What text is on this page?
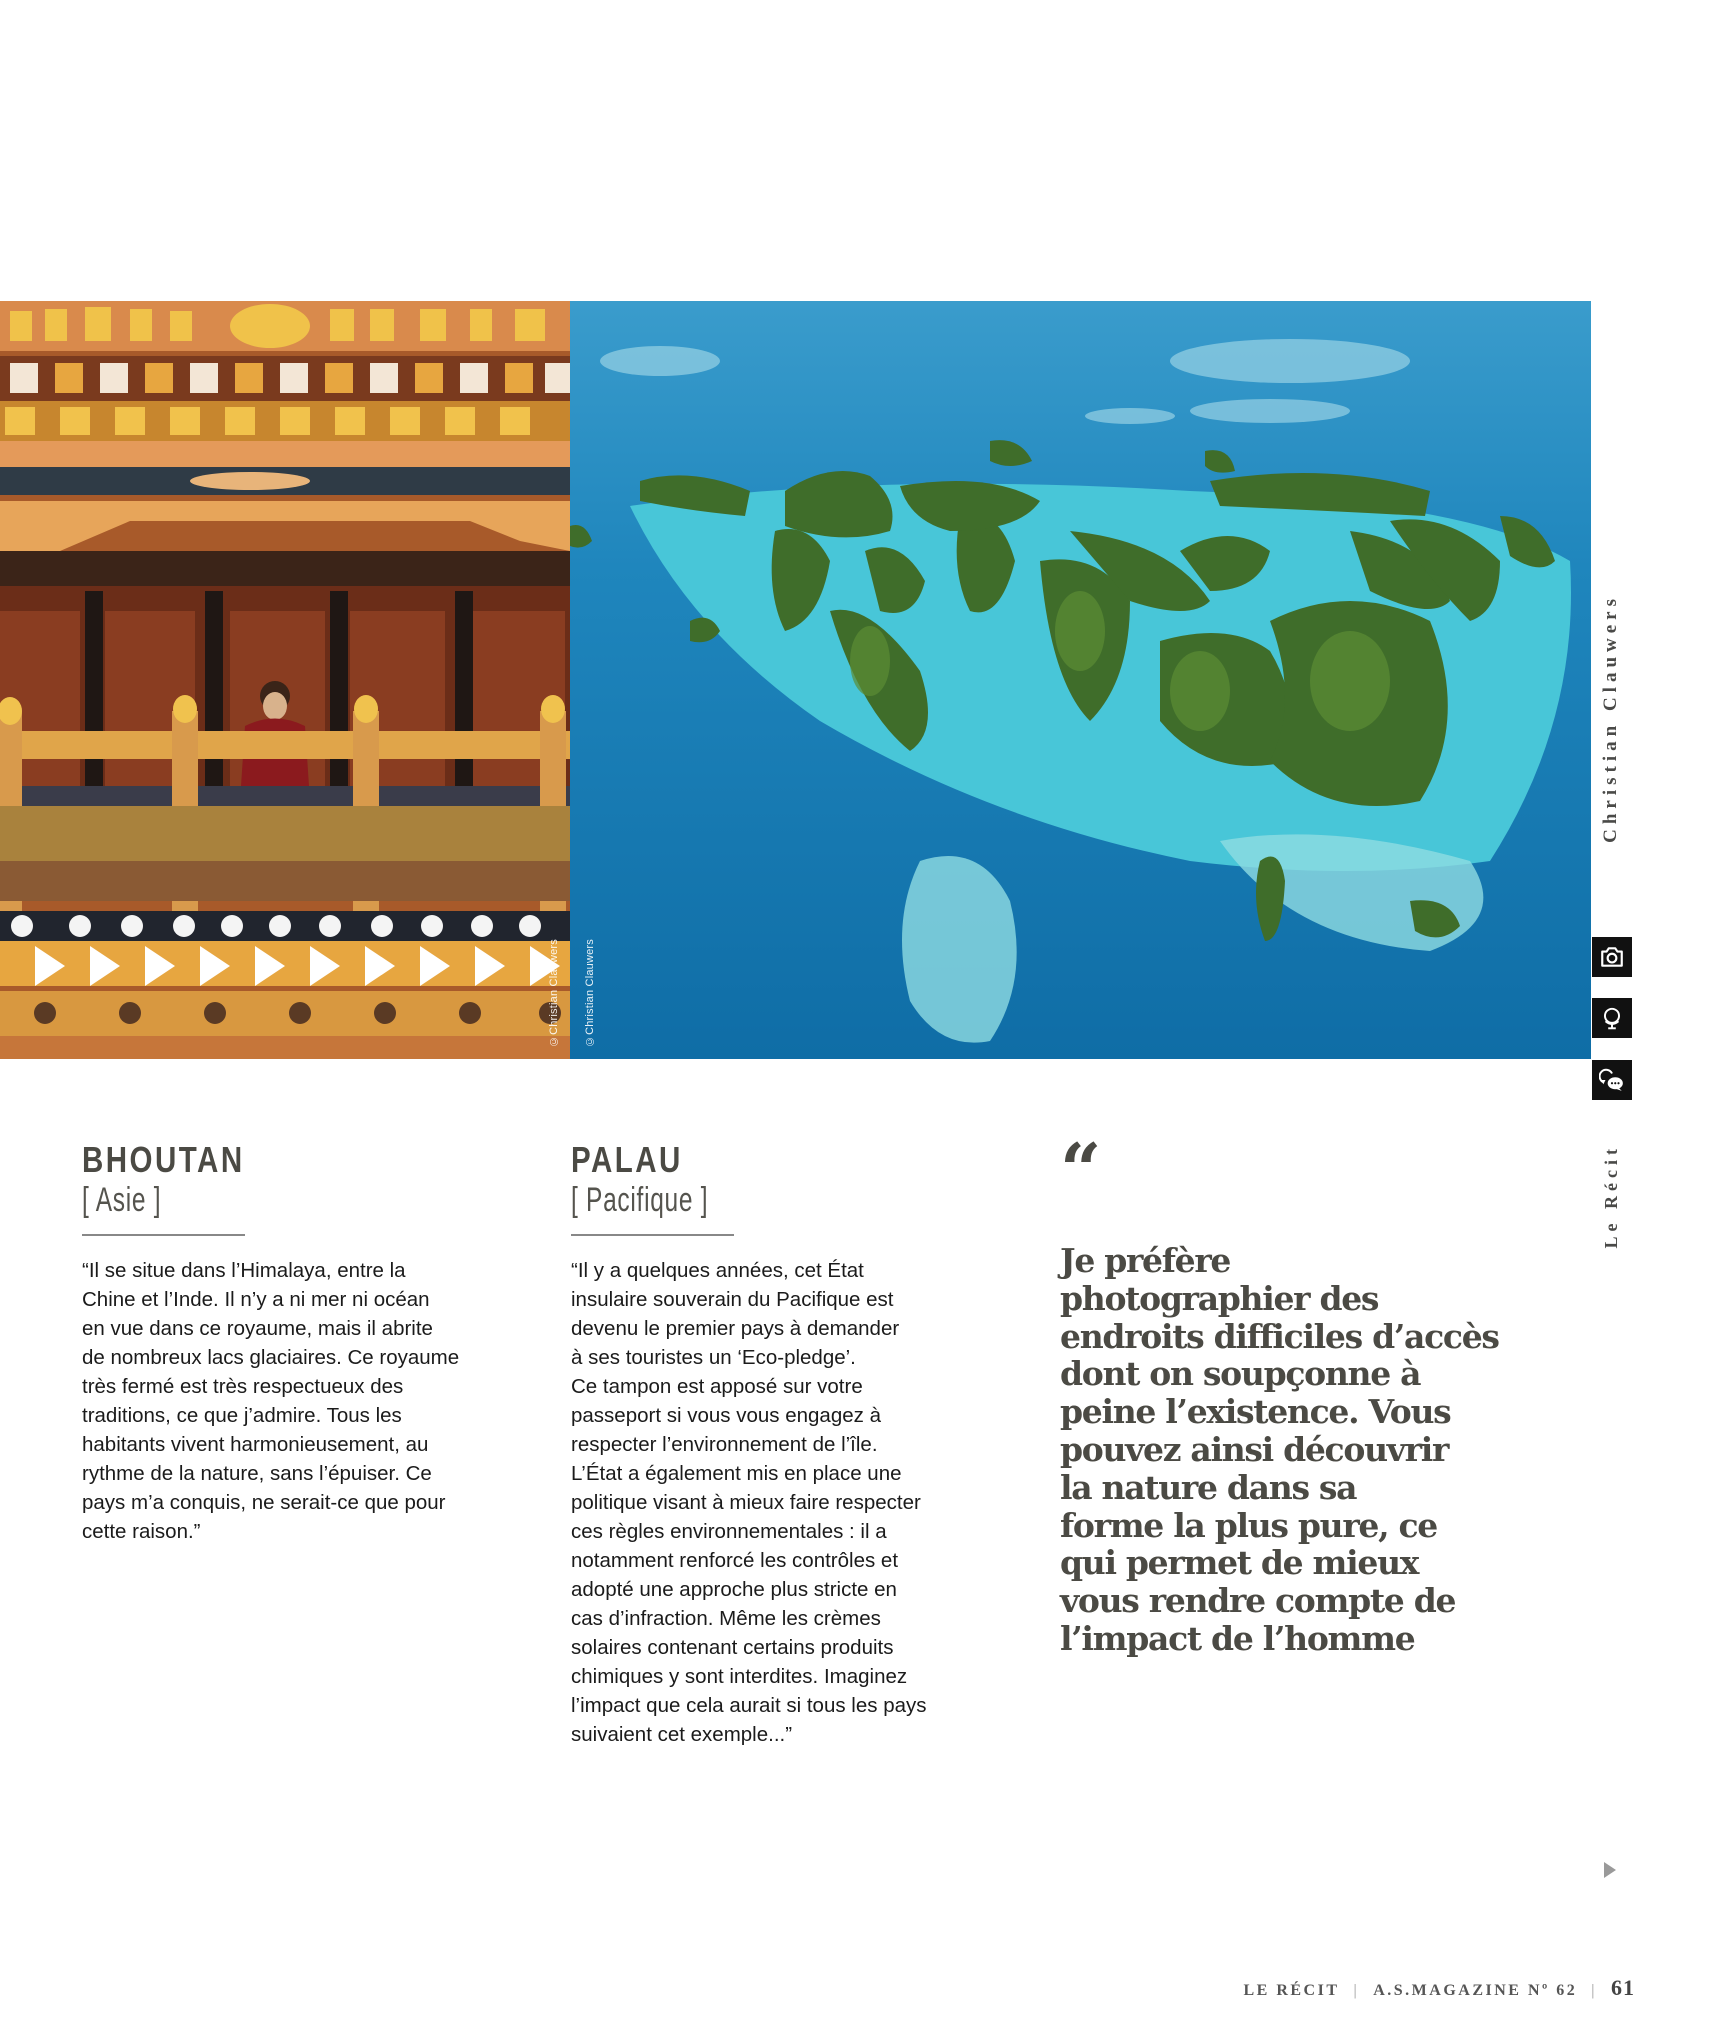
©Christian Clauwers ©Christian Clauwers
Christian Clauwers
Le Récit
BHOUTAN
[ Asie ]

“Il se situe dans l’Himalaya, entre la
Chine et l’Inde. Il n’y a ni mer ni océan
en vue dans ce royaume, mais il abrite
de nombreux lacs glaciaires. Ce royaume
très fermé est très respectueux des
traditions, ce que j’admire. Tous les
habitants vivent harmonieusement, au
rythme de la nature, sans l’épuiser. Ce
pays m’a conquis, ne serait-ce que pour
cette raison.”

PALAU
[ Pacifique ]

“Il y a quelques années, cet État
insulaire souverain du Pacifique est
devenu le premier pays à demander
à ses touristes un ‘Eco-pledge’.
Ce tampon est apposé sur votre
passeport si vous vous engagez à
respecter l’environnement de l’île.
L’État a également mis en place une
politique visant à mieux faire respecter
ces règles environnementales : il a
notamment renforcé les contrôles et
adopté une approche plus stricte en
cas d’infraction. Même les crèmes
solaires contenant certains produits
chimiques y sont interdites. Imaginez
l’impact que cela aurait si tous les pays
suivaient cet exemple...”

“
Je préfère
photographier des
endroits difficiles d’accès
dont on soupçonne à
peine l’existence. Vous
pouvez ainsi découvrir
la nature dans sa
forme la plus pure, ce
qui permet de mieux
vous rendre compte de
l’impact de l’homme
LE RÉCIT | A.S.MAGAZINE Nº 62 | 61
